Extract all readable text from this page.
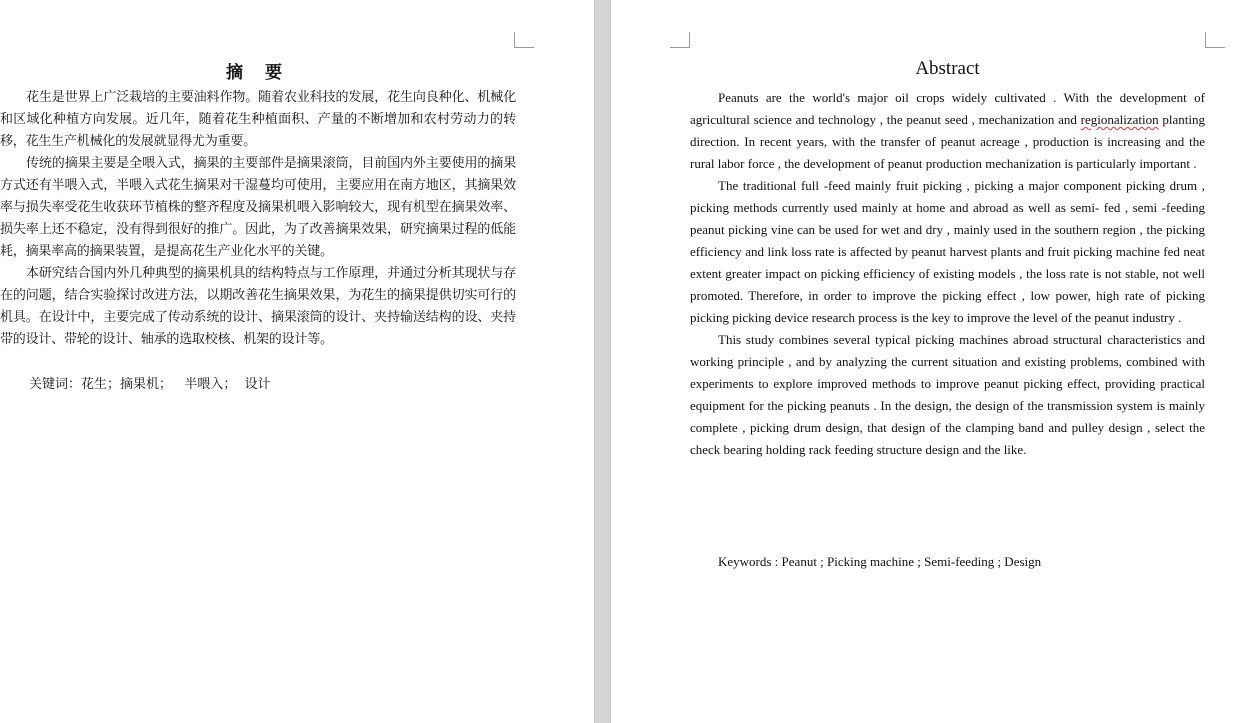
摘 要

花生是世界上广泛栽培的主要油料作物。随着农业科技的发展，花生向良种化、机械化和区域化种植方向发展。近几年，随着花生种植面积、产量的不断增加和农村劳动力的转移，花生生产机械化的发展就显得尤为重要。

传统的摘果主要是全喂入式，摘果的主要部件是摘果滚筒，目前国内外主要使用的摘果方式还有半喂入式，半喂入式花生摘果对干湿蔓均可使用，主要应用在南方地区，其摘果效率与损失率受花生收获环节植株的整齐程度及摘果机喂入影响较大，现有机型在摘果效率、损失率上还不稳定，没有得到很好的推广。因此，为了改善摘果效果，研究摘果过程的低能耗，摘果率高的摘果装置，是提高花生产业化水平的关键。

本研究结合国内外几种典型的摘果机具的结构特点与工作原理，并通过分析其现状与存在的问题，结合实验探讨改进方法，以期改善花生摘果效果，为花生的摘果提供切实可行的机具。在设计中，主要完成了传动系统的设计、摘果滚筒的设计、夹持输送结构的设、夹持带的设计、带轮的设计、轴承的选取校核、机架的设计等。

关键词：花生；摘果机；   半喂入；  设计
Abstract

Peanuts are the world's major oil crops widely cultivated . With the development of agricultural science and technology , the peanut seed , mechanization and regionalization planting direction. In recent years, with the transfer of peanut acreage , production is increasing and the rural labor force , the development of peanut production mechanization is particularly important .

The traditional full -feed mainly fruit picking , picking a major component picking drum , picking methods currently used mainly at home and abroad as well as semi- fed , semi -feeding peanut picking vine can be used for wet and dry , mainly used in the southern region , the picking efficiency and link loss rate is affected by peanut harvest plants and fruit picking machine fed neat extent greater impact on picking efficiency of existing models , the loss rate is not stable, not well promoted. Therefore, in order to improve the picking effect , low power, high rate of picking picking picking device research process is the key to improve the level of the peanut industry .

This study combines several typical picking machines abroad structural characteristics and working principle , and by analyzing the current situation and existing problems, combined with experiments to explore improved methods to improve peanut picking effect, providing practical equipment for the picking peanuts . In the design, the design of the transmission system is mainly complete , picking drum design, that design of the clamping band and pulley design , select the check bearing holding rack feeding structure design and the like.

Keywords : Peanut ; Picking machine ; Semi-feeding ; Design
